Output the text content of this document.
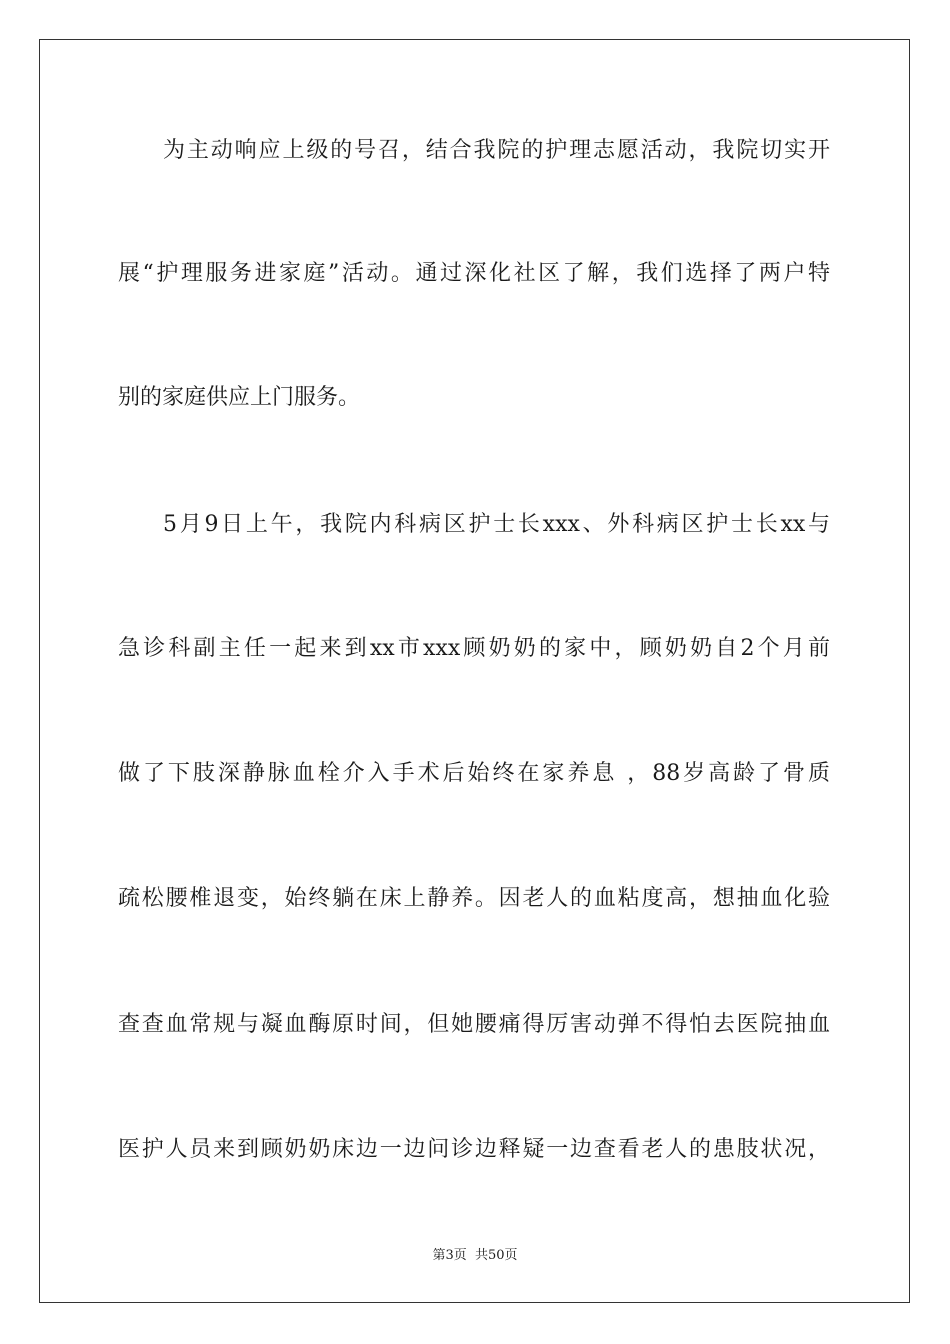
为主动响应上级的号召，结合我院的护理志愿活动，我院切实开
展“护理服务进家庭”活动。通过深化社区了解，我们选择了两户特
别的家庭供应上门服务。
5月9日上午，我院内科病区护士长xxx、外科病区护士长xx与
急诊科副主任一起来到xx市xxx顾奶奶的家中，顾奶奶自2个月前
做了下肢深静脉血栓介入手术后始终在家养息 ，88岁高龄了骨质
疏松腰椎退变，始终躺在床上静养。因老人的血粘度高，想抽血化验
查查血常规与凝血酶原时间，但她腰痛得厉害动弹不得怕去医院抽血
医护人员来到顾奶奶床边一边问诊边释疑一边查看老人的患肢状况，
第3页  共50页
